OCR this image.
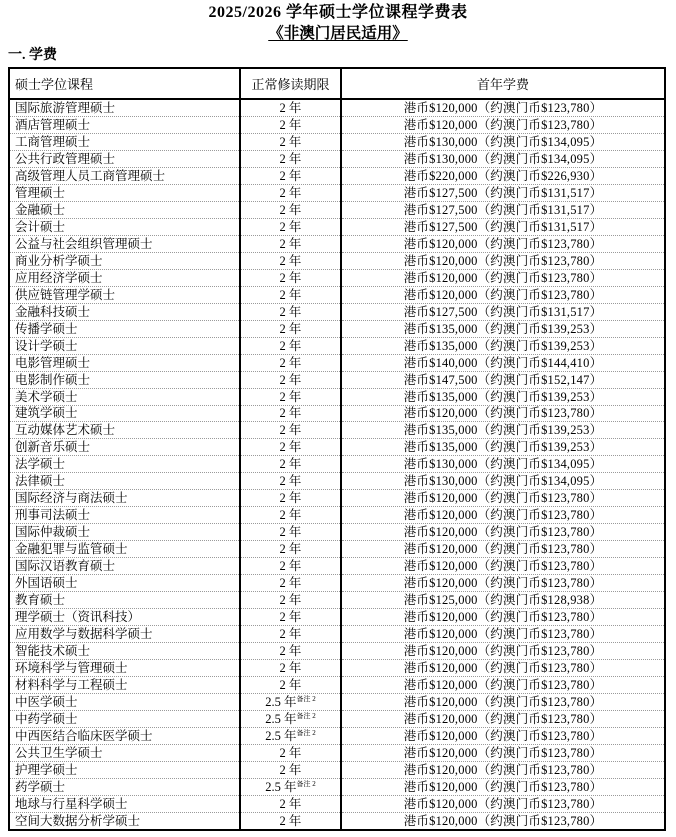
2025/2026 学年硕士学位课程学费表
《非澳门居民适用》
一. 学费
硕士学位课程	正常修读期限	首年学费
国际旅游管理硕士	2 年	港币$120,000（约澳门币$123,780）
酒店管理硕士	2 年	港币$120,000（约澳门币$123,780）
工商管理硕士	2 年	港币$130,000（约澳门币$134,095）
公共行政管理硕士	2 年	港币$130,000（约澳门币$134,095）
高级管理人员工商管理硕士	2 年	港币$220,000（约澳门币$226,930）
管理硕士	2 年	港币$127,500（约澳门币$131,517）
金融硕士	2 年	港币$127,500（约澳门币$131,517）
会计硕士	2 年	港币$127,500（约澳门币$131,517）
公益与社会组织管理硕士	2 年	港币$120,000（约澳门币$123,780）
商业分析学硕士	2 年	港币$120,000（约澳门币$123,780）
应用经济学硕士	2 年	港币$120,000（约澳门币$123,780）
供应链管理学硕士	2 年	港币$120,000（约澳门币$123,780）
金融科技硕士	2 年	港币$127,500（约澳门币$131,517）
传播学硕士	2 年	港币$135,000（约澳门币$139,253）
设计学硕士	2 年	港币$135,000（约澳门币$139,253）
电影管理硕士	2 年	港币$140,000（约澳门币$144,410）
电影制作硕士	2 年	港币$147,500（约澳门币$152,147）
美术学硕士	2 年	港币$135,000（约澳门币$139,253）
建筑学硕士	2 年	港币$120,000（约澳门币$123,780）
互动媒体艺术硕士	2 年	港币$135,000（约澳门币$139,253）
创新音乐硕士	2 年	港币$135,000（约澳门币$139,253）
法学硕士	2 年	港币$130,000（约澳门币$134,095）
法律硕士	2 年	港币$130,000（约澳门币$134,095）
国际经济与商法硕士	2 年	港币$120,000（约澳门币$123,780）
刑事司法硕士	2 年	港币$120,000（约澳门币$123,780）
国际仲裁硕士	2 年	港币$120,000（约澳门币$123,780）
金融犯罪与监管硕士	2 年	港币$120,000（约澳门币$123,780）
国际汉语教育硕士	2 年	港币$120,000（约澳门币$123,780）
外国语硕士	2 年	港币$120,000（约澳门币$123,780）
教育硕士	2 年	港币$125,000（约澳门币$128,938）
理学硕士（资讯科技）	2 年	港币$120,000（约澳门币$123,780）
应用数学与数据科学硕士	2 年	港币$120,000（约澳门币$123,780）
智能技术硕士	2 年	港币$120,000（约澳门币$123,780）
环境科学与管理硕士	2 年	港币$120,000（约澳门币$123,780）
材料科学与工程硕士	2 年	港币$120,000（约澳门币$123,780）
中医学硕士	2.5 年$^{备注 2}$	港币$120,000（约澳门币$123,780）
中药学硕士	2.5 年$^{备注 2}$	港币$120,000（约澳门币$123,780）
中西医结合临床医学硕士	2.5 年$^{备注 2}$	港币$120,000（约澳门币$123,780）
公共卫生学硕士	2 年	港币$120,000（约澳门币$123,780）
护理学硕士	2 年	港币$120,000（约澳门币$123,780）
药学硕士	2.5 年$^{备注 2}$	港币$120,000（约澳门币$123,780）
地球与行星科学硕士	2 年	港币$120,000（约澳门币$123,780）
空间大数据分析学硕士	2 年	港币$120,000（约澳门币$123,780）
